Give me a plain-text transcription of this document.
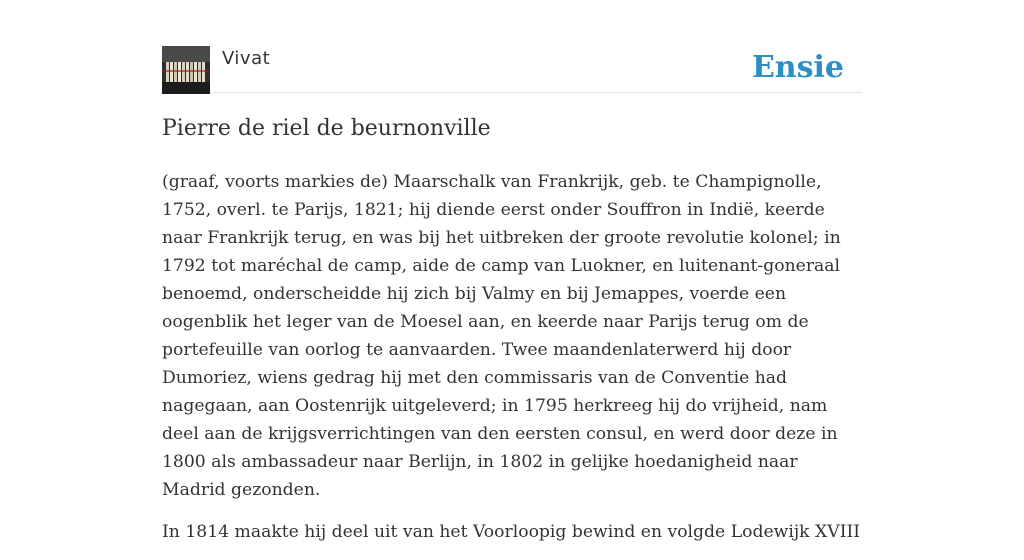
Vivat	Ensie
Pierre de riel de beurnonville

(graaf, voorts markies de) Maarschalk van Frankrijk, geb. te Champignolle, 1752, overl. te Parijs, 1821; hij diende eerst onder Souffron in Indië, keerde naar Frankrijk terug, en was bij het uitbreken der groote revolutie kolonel; in 1792 tot maréchal de camp, aide de camp van Luokner, en luitenant-goneraal benoemd, onderscheidde hij zich bij Valmy en bij Jemappes, voerde een oogenblik het leger van de Moesel aan, en keerde naar Parijs terug om de portefeuille van oorlog te aanvaarden. Twee maandenlaterwerd hij door Dumoriez, wiens gedrag hij met den commissaris van de Conventie had nagegaan, aan Oostenrijk uitgeleverd; in 1795 herkreeg hij do vrijheid, nam deel aan de krijgsverrichtingen van den eersten consul, en werd door deze in 1800 als ambassadeur naar Berlijn, in 1802 in gelijke hoedanigheid naar Madrid gezonden.

In 1814 maakte hij deel uit van het Voorloopig bewind en volgde Lodewijk XVIII
